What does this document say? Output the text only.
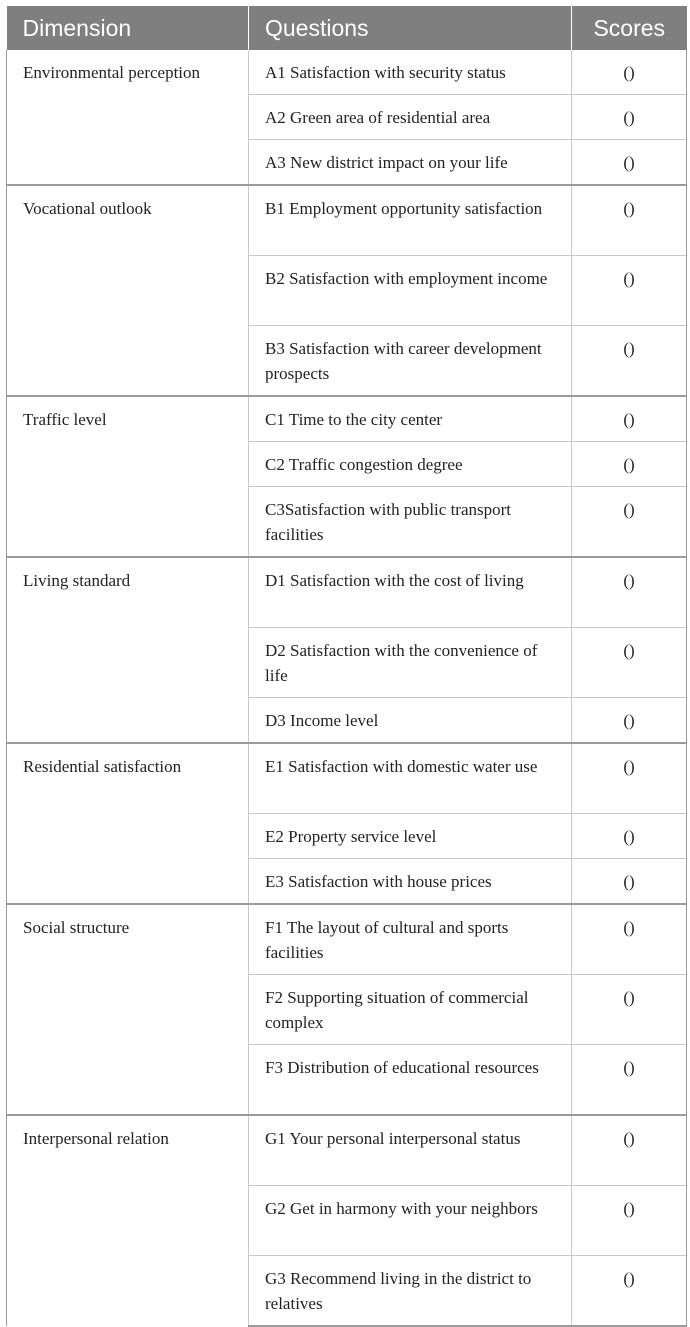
Dimension	Questions	Scores
Environmental perception	A1 Satisfaction with security status	()
	A2 Green area of residential area	()
	A3 New district impact on your life	()
Vocational outlook	B1 Employment opportunity satisfaction	()
	B2 Satisfaction with employment income	()
	B3 Satisfaction with career development prospects	()
Traffic level	C1 Time to the city center	()
	C2 Traffic congestion degree	()
	C3Satisfaction with public transport facilities	()
Living standard	D1 Satisfaction with the cost of living	()
	D2 Satisfaction with the convenience of life	()
	D3 Income level	()
Residential satisfaction	E1 Satisfaction with domestic water use	()
	E2 Property service level	()
	E3 Satisfaction with house prices	()
Social structure	F1 The layout of cultural and sports facilities	()
	F2 Supporting situation of commercial complex	()
	F3 Distribution of educational resources	()
Interpersonal relation	G1 Your personal interpersonal status	()
	G2 Get in harmony with your neighbors	()
	G3 Recommend living in the district to relatives	()
